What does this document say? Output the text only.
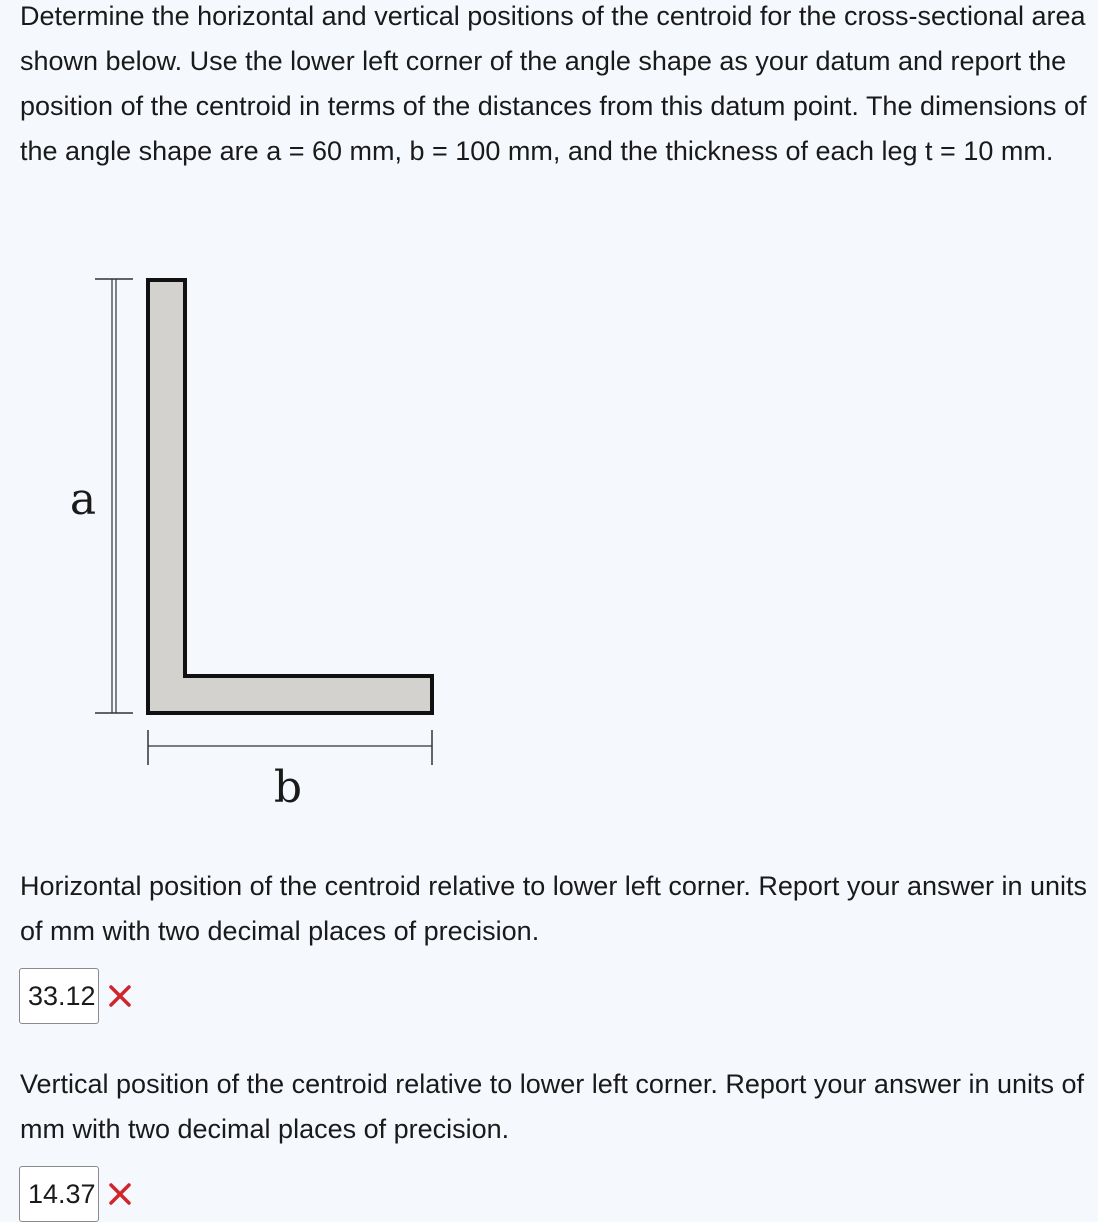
Determine the horizontal and vertical positions of the centroid for the cross-sectional area shown below. Use the lower left corner of the angle shape as your datum and report the position of the centroid in terms of the distances from this datum point. The dimensions of the angle shape are a = 60 mm, b = 100 mm, and the thickness of each leg t = 10 mm.

a
b

Horizontal position of the centroid relative to lower left corner. Report your answer in units of mm with two decimal places of precision.

33.12

Vertical position of the centroid relative to lower left corner. Report your answer in units of mm with two decimal places of precision.

14.37
